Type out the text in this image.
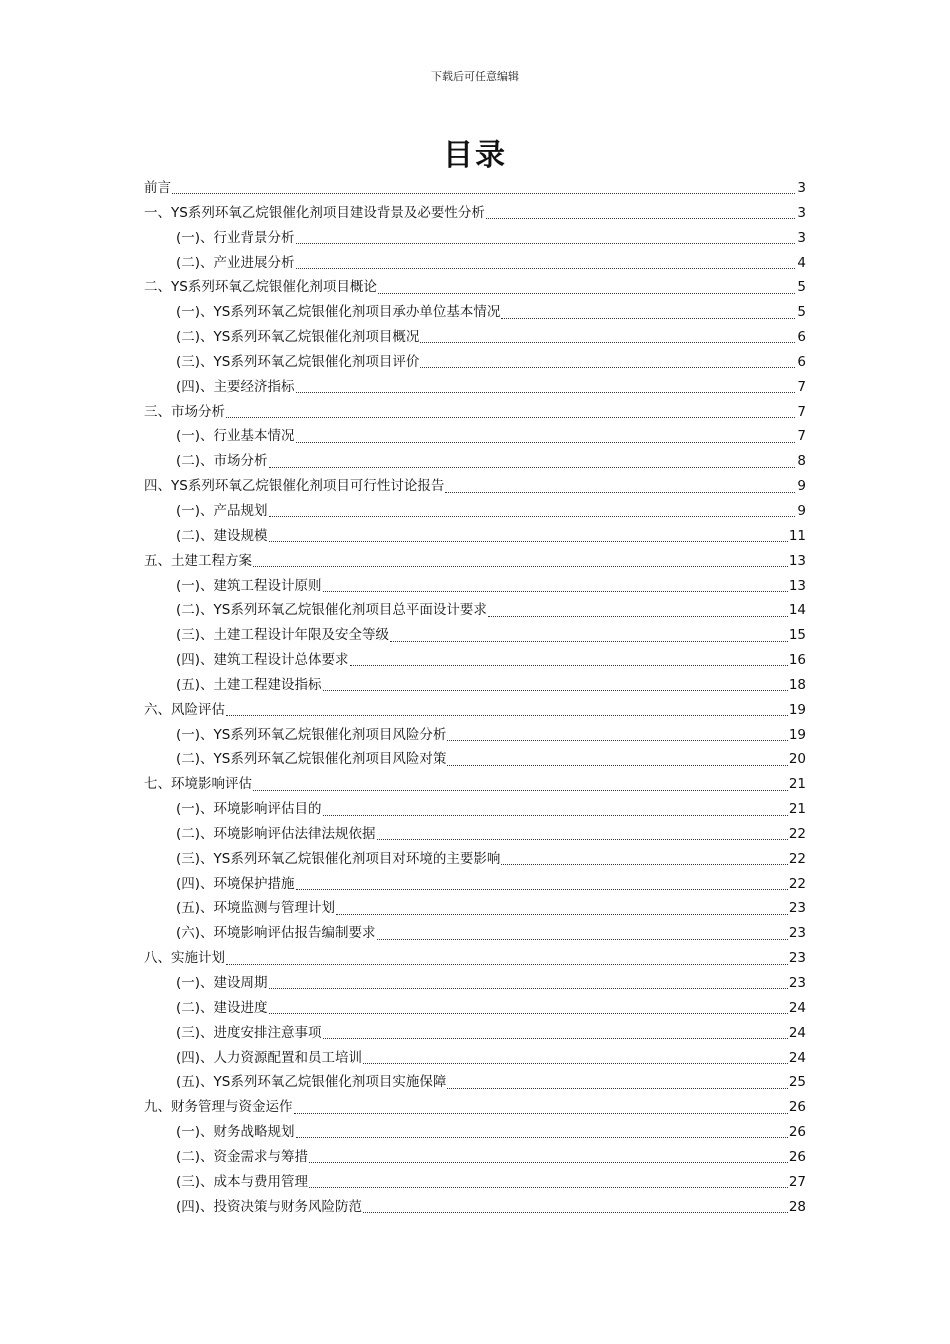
下载后可任意编辑
目录
前言	3
一、YS系列环氧乙烷银催化剂项目建设背景及必要性分析	3
(一)、行业背景分析	3
(二)、产业进展分析	4
二、YS系列环氧乙烷银催化剂项目概论	5
(一)、YS系列环氧乙烷银催化剂项目承办单位基本情况	5
(二)、YS系列环氧乙烷银催化剂项目概况	6
(三)、YS系列环氧乙烷银催化剂项目评价	6
(四)、主要经济指标	7
三、市场分析	7
(一)、行业基本情况	7
(二)、市场分析	8
四、YS系列环氧乙烷银催化剂项目可行性讨论报告	9
(一)、产品规划	9
(二)、建设规模	11
五、土建工程方案	13
(一)、建筑工程设计原则	13
(二)、YS系列环氧乙烷银催化剂项目总平面设计要求	14
(三)、土建工程设计年限及安全等级	15
(四)、建筑工程设计总体要求	16
(五)、土建工程建设指标	18
六、风险评估	19
(一)、YS系列环氧乙烷银催化剂项目风险分析	19
(二)、YS系列环氧乙烷银催化剂项目风险对策	20
七、环境影响评估	21
(一)、环境影响评估目的	21
(二)、环境影响评估法律法规依据	22
(三)、YS系列环氧乙烷银催化剂项目对环境的主要影响	22
(四)、环境保护措施	22
(五)、环境监测与管理计划	23
(六)、环境影响评估报告编制要求	23
八、实施计划	23
(一)、建设周期	23
(二)、建设进度	24
(三)、进度安排注意事项	24
(四)、人力资源配置和员工培训	24
(五)、YS系列环氧乙烷银催化剂项目实施保障	25
九、财务管理与资金运作	26
(一)、财务战略规划	26
(二)、资金需求与筹措	26
(三)、成本与费用管理	27
(四)、投资决策与财务风险防范	28
